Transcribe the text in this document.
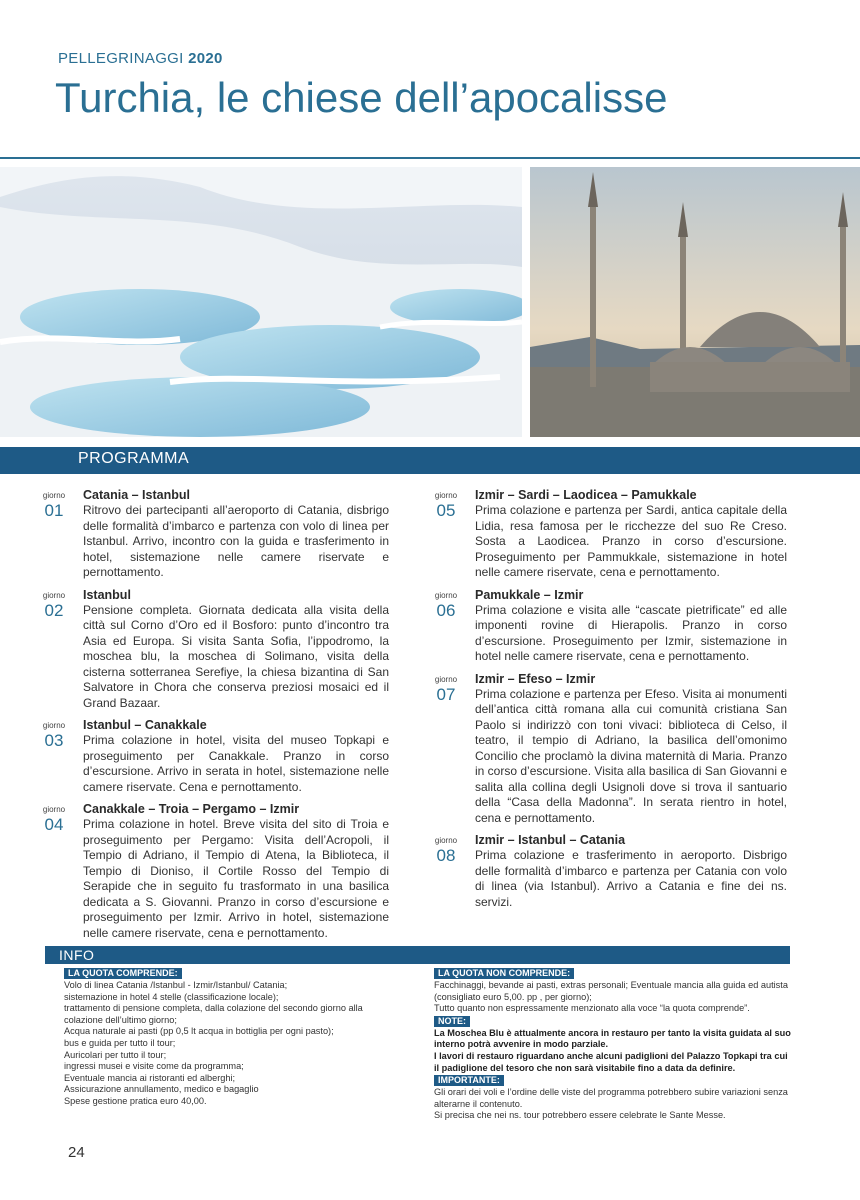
PELLEGRINAGGI 2020
Turchia, le chiese dell’apocalisse
PROGRAMMA
giorno
01
Catania – Istanbul
Ritrovo dei partecipanti all’aeroporto di Catania, disbrigo delle formalità d’imbarco e partenza con volo di linea per Istanbul. Arrivo, incontro con la guida e trasferimento in hotel, sistemazione nelle camere riservate e pernottamento.
giorno
02
Istanbul
Pensione completa. Giornata dedicata alla visita della città sul Corno d’Oro ed il Bosforo: punto d’incontro tra Asia ed Europa. Si visita Santa Sofia, l’ippodromo, la moschea blu, la moschea di Solimano, visita della cisterna sotterranea Serefiye, la chiesa bizantina di San Salvatore in Chora che conserva preziosi mosaici ed il Grand Bazaar.
giorno
03
Istanbul – Canakkale
Prima colazione in hotel, visita del museo Topkapi e proseguimento per Canakkale. Pranzo in corso d’escursione. Arrivo in serata in hotel, sistemazione nelle camere riservate. Cena e pernottamento.
giorno
04
Canakkale – Troia – Pergamo – Izmir
Prima colazione in hotel. Breve visita del sito di Troia e proseguimento per Pergamo: Visita dell’Acropoli, il Tempio di Adriano, il Tempio di Atena, la Biblioteca, il Tempio di Dioniso, il Cortile Rosso del Tempio di Serapide che in seguito fu trasformato in una basilica dedicata a S. Giovanni. Pranzo in corso d’escursione e proseguimento per Izmir. Arrivo in hotel, sistemazione nelle camere riservate, cena e pernottamento.
giorno
05
Izmir – Sardi – Laodicea – Pamukkale
Prima colazione e partenza per Sardi, antica capitale della Lidia, resa famosa per le ricchezze del suo Re Creso. Sosta a Laodicea. Pranzo in corso d’escursione. Proseguimento per Pammukkale, sistemazione in hotel nelle camere riservate, cena e pernottamento.
giorno
06
Pamukkale – Izmir
Prima colazione e visita alle “cascate pietrificate” ed alle imponenti rovine di Hierapolis. Pranzo in corso d’escursione. Proseguimento per Izmir, sistemazione in hotel nelle camere riservate, cena e pernottamento.
giorno
07
Izmir – Efeso – Izmir
Prima colazione e partenza per Efeso. Visita ai monumenti dell’antica città romana alla cui comunità cristiana San Paolo si indirizzò con toni vivaci: biblioteca di Celso, il teatro, il tempio di Adriano, la basilica dell’omonimo Concilio che proclamò la divina maternità di Maria. Pranzo in corso d’escursione. Visita alla basilica di San Giovanni e salita alla collina degli Usignoli dove si trova il santuario della “Casa della Madonna”. In serata rientro in hotel, cena e pernottamento.
giorno
08
Izmir – Istanbul – Catania
Prima colazione e trasferimento in aeroporto. Disbrigo delle formalità d’imbarco e partenza per Catania con volo di linea (via Istanbul). Arrivo a Catania e fine dei ns. servizi.
INFO
LA QUOTA COMPRENDE:

Volo di linea Catania /Istanbul - Izmir/Istanbul/ Catania;

sistemazione in hotel 4 stelle (classificazione locale);

trattamento di pensione completa, dalla colazione del secondo giorno alla colazione dell’ultimo giorno;

Acqua naturale ai pasti (pp 0,5 lt acqua in bottiglia per ogni pasto);

bus e guida per tutto il tour;

Auricolari per tutto il tour;

ingressi musei e visite come da programma;

Eventuale mancia ai ristoranti ed alberghi;

Assicurazione annullamento, medico e bagaglio

Spese gestione pratica euro 40,00.

LA QUOTA NON COMPRENDE:

Facchinaggi, bevande ai pasti, extras personali; Eventuale mancia alla guida ed autista (consigliato euro 5,00. pp , per giorno);

Tutto quanto non espressamente menzionato alla voce “la quota comprende”.

NOTE:

La Moschea Blu è attualmente ancora in restauro per tanto la visita guidata al suo interno potrà avvenire in modo parziale.

I lavori di restauro riguardano anche alcuni padiglioni del Palazzo Topkapi tra cui il padiglione del tesoro che non sarà visitabile fino a data da definire.

IMPORTANTE:

Gli orari dei voli e l’ordine delle viste del programma potrebbero subire variazioni senza alterarne il contenuto.

Si precisa che nei ns. tour potrebbero essere celebrate le Sante Messe.

24
